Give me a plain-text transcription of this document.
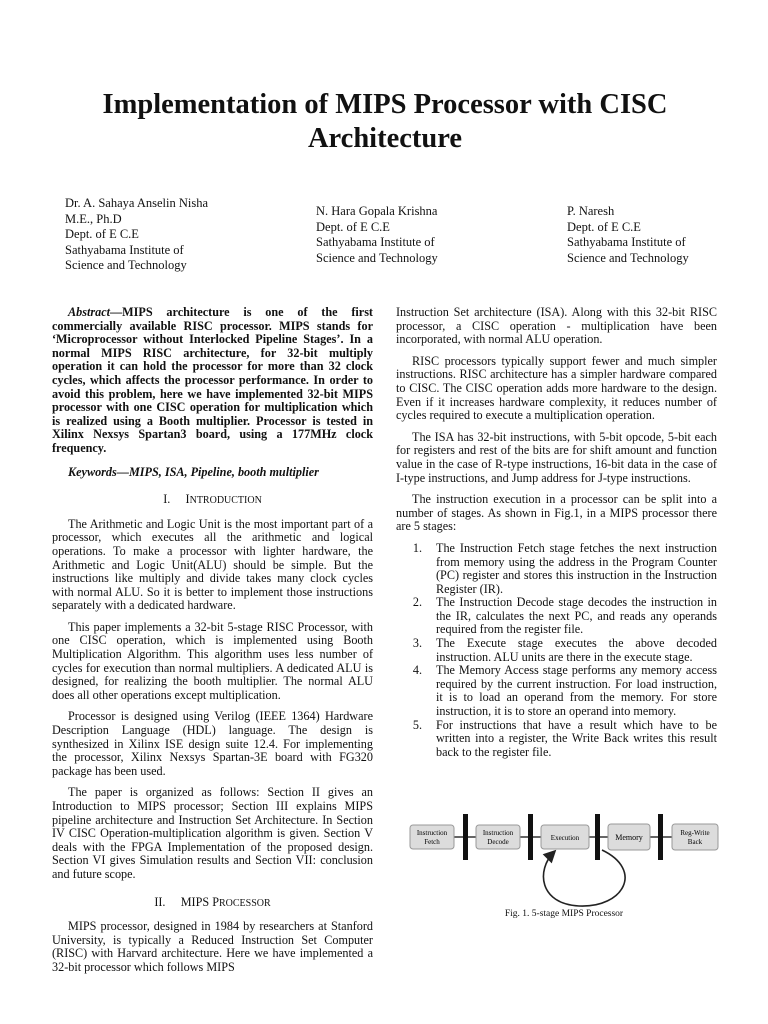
Implementation of MIPS Processor with CISC
Architecture
Dr. A. Sahaya Anselin Nisha
M.E., Ph.D
Dept. of E C.E
Sathyabama Institute of
Science and Technology
N. Hara Gopala Krishna
Dept. of E C.E
Sathyabama Institute of
Science and Technology
P. Naresh
Dept. of E C.E
Sathyabama Institute of
Science and Technology

Abstract—MIPS architecture is one of the first commercially available RISC processor. MIPS stands for ‘Microprocessor without Interlocked Pipeline Stages’. In a normal MIPS RISC architecture, for 32-bit multiply operation it can hold the processor for more than 32 clock cycles, which affects the processor performance. In order to avoid this problem, here we have implemented 32-bit MIPS processor with one CISC operation for multiplication which is realized using a Booth multiplier. Processor is tested in Xilinx Nexsys Spartan3 board, using a 177MHz clock frequency.

Keywords—MIPS, ISA, Pipeline, booth multiplier

I. INTRODUCTION

The Arithmetic and Logic Unit is the most important part of a processor, which executes all the arithmetic and logical operations. To make a processor with lighter hardware, the Arithmetic and Logic Unit(ALU) should be simple. But the instructions like multiply and divide takes many clock cycles with normal ALU. So it is better to implement those instructions separately with a dedicated hardware.

This paper implements a 32-bit 5-stage RISC Processor, with one CISC operation, which is implemented using Booth Multiplication Algorithm. This algorithm uses less number of cycles for execution than normal multipliers. A dedicated ALU is designed, for realizing the booth multiplier. The normal ALU does all other operations except multiplication.

Processor is designed using Verilog (IEEE 1364) Hardware Description Language (HDL) language. The design is synthesized in Xilinx ISE design suite 12.4. For implementing the processor, Xilinx Nexsys Spartan-3E board with FG320 package has been used.

The paper is organized as follows: Section II gives an Introduction to MIPS processor; Section III explains MIPS pipeline architecture and Instruction Set Architecture. In Section IV CISC Operation-multiplication algorithm is given. Section V deals with the FPGA Implementation of the proposed design. Section VI gives Simulation results and Section VII: conclusion and future scope.

II. MIPS PROCESSOR

MIPS processor, designed in 1984 by researchers at Stanford University, is typically a Reduced Instruction Set Computer (RISC) with Harvard architecture. Here we have implemented a 32-bit processor which follows MIPS

Instruction Set architecture (ISA). Along with this 32-bit RISC processor, a CISC operation - multiplication have been incorporated, with normal ALU operation.

RISC processors typically support fewer and much simpler instructions. RISC architecture has a simpler hardware compared to CISC. The CISC operation adds more hardware to the design. Even if it increases hardware complexity, it reduces number of cycles required to execute a multiplication operation.

The ISA has 32-bit instructions, with 5-bit opcode, 5-bit each for registers and rest of the bits are for shift amount and function value in the case of R-type instructions, 16-bit data in the case of I-type instructions, and Jump address for J-type instructions.

The instruction execution in a processor can be split into a number of stages. As shown in Fig.1, in a MIPS processor there are 5 stages:

1.	The Instruction Fetch stage fetches the next instruction from memory using the address in the Program Counter (PC) register and stores this instruction in the Instruction Register (IR).
2.	The Instruction Decode stage decodes the instruction in the IR, calculates the next PC, and reads any operands required from the register file.
3.	The Execute stage executes the above decoded instruction. ALU units are there in the execute stage.
4.	The Memory Access stage performs any memory access required by the current instruction. For load instruction, it is to load an operand from the memory. For store instruction, it is to store an operand into memory.
5.	For instructions that have a result which have to be written into a register, the Write Back writes this result back to the register file.
Instruction
Fetch
Instruction
Decode	Execution	Memory	Reg-Write
Back
Fig. 1. 5-stage MIPS Processor
